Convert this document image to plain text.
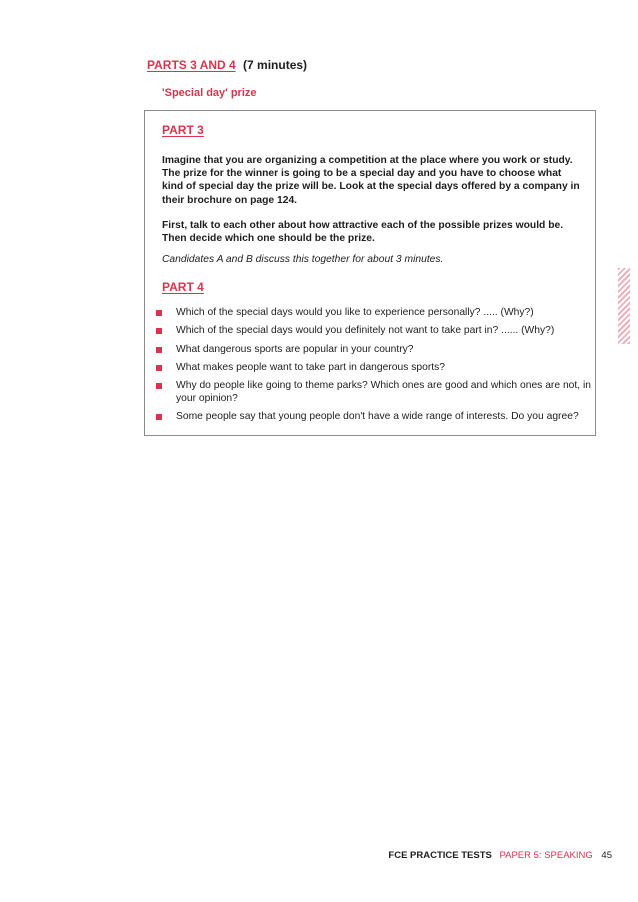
PARTS 3 AND 4 (7 minutes)
'Special day' prize
PART 3

Imagine that you are organizing a competition at the place where you work or study. The prize for the winner is going to be a special day and you have to choose what kind of special day the prize will be. Look at the special days offered by a company in their brochure on page 124.

First, talk to each other about how attractive each of the possible prizes would be. Then decide which one should be the prize.

Candidates A and B discuss this together for about 3 minutes.

PART 4
Which of the special days would you like to experience personally? ..... (Why?)
Which of the special days would you definitely not want to take part in? ...... (Why?)
What dangerous sports are popular in your country?
What makes people want to take part in dangerous sports?
Why do people like going to theme parks? Which ones are good and which ones are not, in your opinion?
Some people say that young people don't have a wide range of interests. Do you agree?
FCE PRACTICE TESTS PAPER 5: SPEAKING 45
